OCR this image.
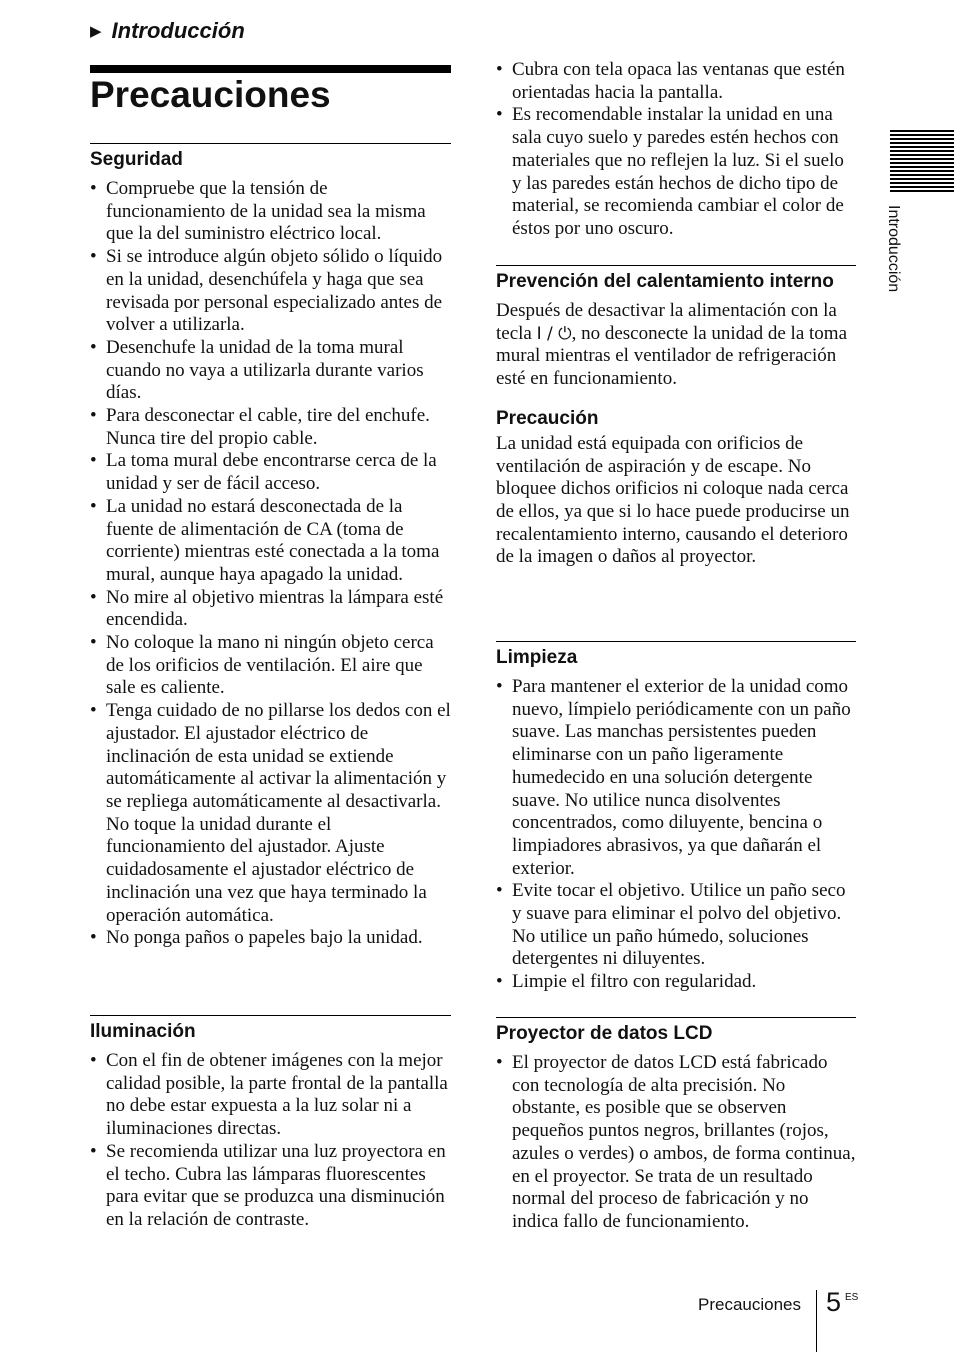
▶ Introducción
Precauciones
Seguridad
• Compruebe que la tensión de funcionamiento de la unidad sea la misma que la del suministro eléctrico local.
• Si se introduce algún objeto sólido o líquido en la unidad, desenchúfela y haga que sea revisada por personal especializado antes de volver a utilizarla.
• Desenchufe la unidad de la toma mural cuando no vaya a utilizarla durante varios días.
• Para desconectar el cable, tire del enchufe. Nunca tire del propio cable.
• La toma mural debe encontrarse cerca de la unidad y ser de fácil acceso.
• La unidad no estará desconectada de la fuente de alimentación de CA (toma de corriente) mientras esté conectada a la toma mural, aunque haya apagado la unidad.
• No mire al objetivo mientras la lámpara esté encendida.
• No coloque la mano ni ningún objeto cerca de los orificios de ventilación. El aire que sale es caliente.
• Tenga cuidado de no pillarse los dedos con el ajustador. El ajustador eléctrico de inclinación de esta unidad se extiende automáticamente al activar la alimentación y se repliega automáticamente al desactivarla. No toque la unidad durante el funcionamiento del ajustador. Ajuste cuidadosamente el ajustador eléctrico de inclinación una vez que haya terminado la operación automática.
• No ponga paños o papeles bajo la unidad.
Iluminación
• Con el fin de obtener imágenes con la mejor calidad posible, la parte frontal de la pantalla no debe estar expuesta a la luz solar ni a iluminaciones directas.
• Se recomienda utilizar una luz proyectora en el techo. Cubra las lámparas fluorescentes para evitar que se produzca una disminución en la relación de contraste.
• Cubra con tela opaca las ventanas que estén orientadas hacia la pantalla.
• Es recomendable instalar la unidad en una sala cuyo suelo y paredes estén hechos con materiales que no reflejen la luz. Si el suelo y las paredes están hechos de dicho tipo de material, se recomienda cambiar el color de éstos por uno oscuro.
Prevención del calentamiento interno

Después de desactivar la alimentación con la tecla I / ⏻, no desconecte la unidad de la toma mural mientras el ventilador de refrigeración esté en funcionamiento.

Precaución

La unidad está equipada con orificios de ventilación de aspiración y de escape. No bloquee dichos orificios ni coloque nada cerca de ellos, ya que si lo hace puede producirse un recalentamiento interno, causando el deterioro de la imagen o daños al proyector.

Limpieza
• Para mantener el exterior de la unidad como nuevo, límpielo periódicamente con un paño suave. Las manchas persistentes pueden eliminarse con un paño ligeramente humedecido en una solución detergente suave. No utilice nunca disolventes concentrados, como diluyente, bencina o limpiadores abrasivos, ya que dañarán el exterior.
• Evite tocar el objetivo. Utilice un paño seco y suave para eliminar el polvo del objetivo. No utilice un paño húmedo, soluciones detergentes ni diluyentes.
• Limpie el filtro con regularidad.
Proyector de datos LCD
• El proyector de datos LCD está fabricado con tecnología de alta precisión. No obstante, es posible que se observen pequeños puntos negros, brillantes (rojos, azules o verdes) o ambos, de forma continua, en el proyector. Se trata de un resultado normal del proceso de fabricación y no indica fallo de funcionamiento.
Introducción
Precauciones 5 ES
